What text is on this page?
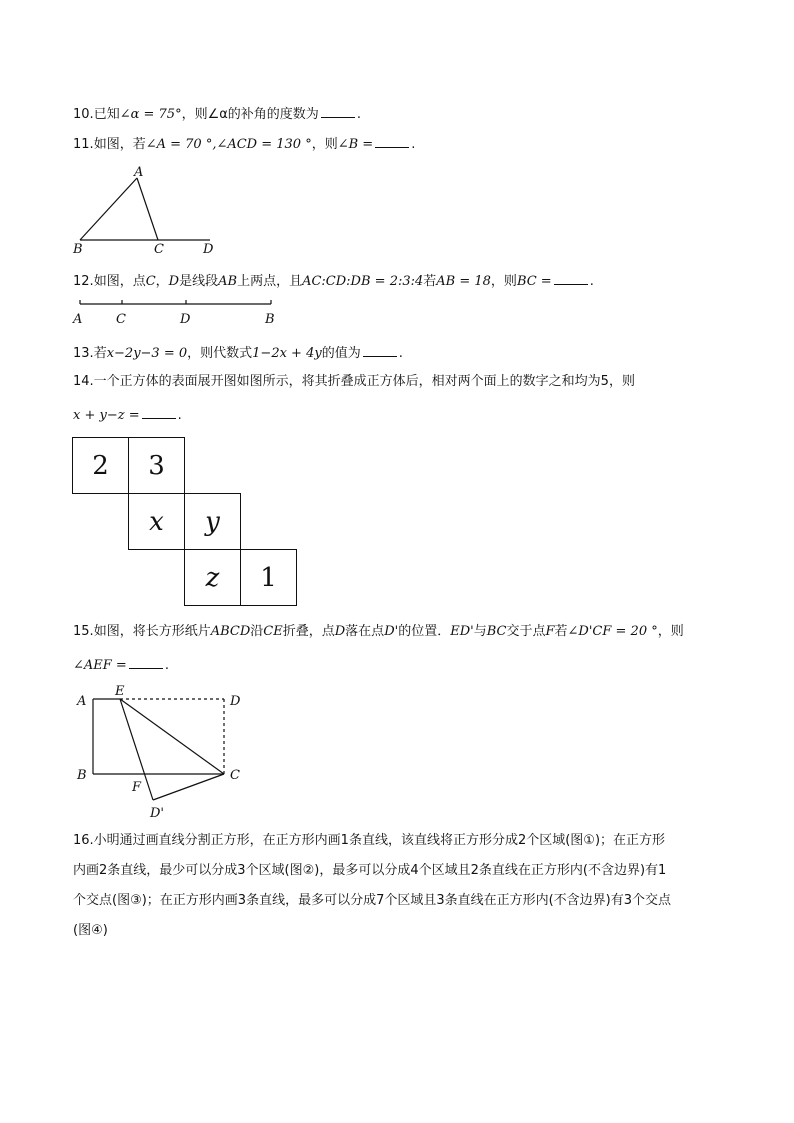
10.已知∠α = 75°，则∠α的补角的度数为	.
11.如图，若∠A = 70 °,∠ACD = 130 °，则∠B =	.
A
B	C	D
12.如图，点C，D是线段AB上两点，且AC:CD:DB = 2:3:4若AB = 18，则BC =	.
A	C	D	B
13.若x−2y−3 = 0，则代数式1−2x + 4y的值为	.
14.一个正方体的表面展开图如图所示，将其折叠成正方体后，相对两个面上的数字之和均为5，则
x + y−z =	.
2	3
x	y
z	1
15.如图，将长方形纸片ABCD沿CE折叠，点D落在点D'的位置．ED'与BC交于点F若∠D'CF = 20 °，则
∠AEF =	.
A
E
D
B
F
C
D'
16.小明通过画直线分割正方形，在正方形内画1条直线，该直线将正方形分成2个区域(图①)；在正方形
内画2条直线，最少可以分成3个区域(图②)，最多可以分成4个区域且2条直线在正方形内(不含边界)有1
个交点(图③)；在正方形内画3条直线，最多可以分成7个区域且3条直线在正方形内(不含边界)有3个交点
(图④)
